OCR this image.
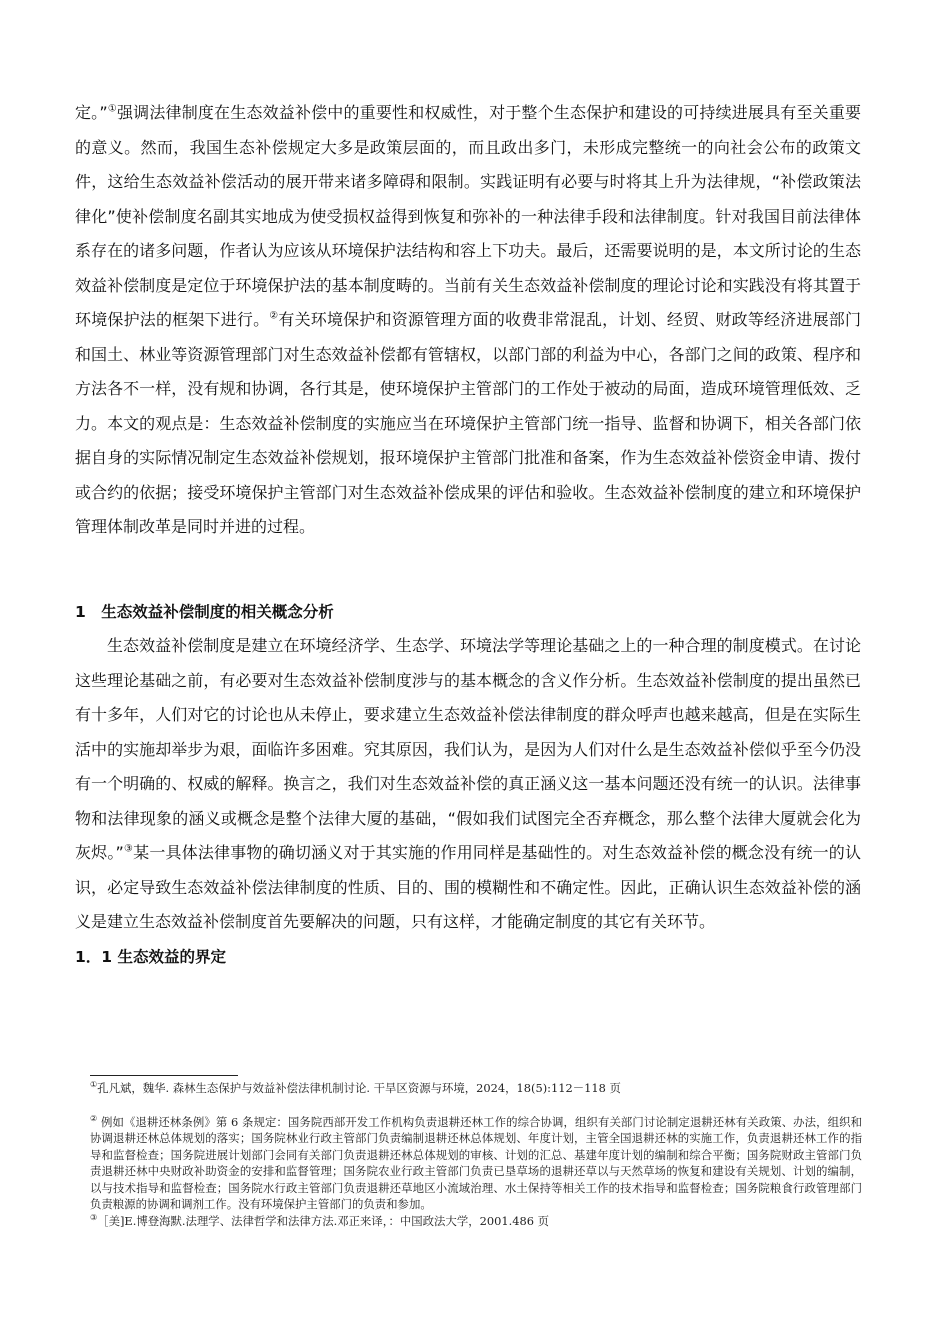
定。”①强调法律制度在生态效益补偿中的重要性和权威性，对于整个生态保护和建设的可持续进展具有至关重要的意义。然而，我国生态补偿规定大多是政策层面的，而且政出多门，未形成完整统一的向社会公布的政策文件，这给生态效益补偿活动的展开带来诸多障碍和限制。实践证明有必要与时将其上升为法律规，“补偿政策法律化”使补偿制度名副其实地成为使受损权益得到恢复和弥补的一种法律手段和法律制度。针对我国目前法律体系存在的诸多问题，作者认为应该从环境保护法结构和容上下功夫。最后，还需要说明的是，本文所讨论的生态效益补偿制度是定位于环境保护法的基本制度畴的。当前有关生态效益补偿制度的理论讨论和实践没有将其置于环境保护法的框架下进行。②有关环境保护和资源管理方面的收费非常混乱，计划、经贸、财政等经济进展部门和国土、林业等资源管理部门对生态效益补偿都有管辖权，以部门部的利益为中心，各部门之间的政策、程序和方法各不一样，没有规和协调，各行其是，使环境保护主管部门的工作处于被动的局面，造成环境管理低效、乏力。本文的观点是：生态效益补偿制度的实施应当在环境保护主管部门统一指导、监督和协调下，相关各部门依据自身的实际情况制定生态效益补偿规划，报环境保护主管部门批准和备案，作为生态效益补偿资金申请、拨付或合约的依据；接受环境保护主管部门对生态效益补偿成果的评估和验收。生态效益补偿制度的建立和环境保护管理体制改革是同时并进的过程。

1　生态效益补偿制度的相关概念分析

生态效益补偿制度是建立在环境经济学、生态学、环境法学等理论基础之上的一种合理的制度模式。在讨论这些理论基础之前，有必要对生态效益补偿制度涉与的基本概念的含义作分析。生态效益补偿制度的提出虽然已有十多年，人们对它的讨论也从未停止，要求建立生态效益补偿法律制度的群众呼声也越来越高，但是在实际生活中的实施却举步为艰，面临许多困难。究其原因，我们认为，是因为人们对什么是生态效益补偿似乎至今仍没有一个明确的、权威的解释。换言之，我们对生态效益补偿的真正涵义这一基本问题还没有统一的认识。法律事物和法律现象的涵义或概念是整个法律大厦的基础，“假如我们试图完全否弃概念，那么整个法律大厦就会化为灰烬。”③某一具体法律事物的确切涵义对于其实施的作用同样是基础性的。对生态效益补偿的概念没有统一的认识，必定导致生态效益补偿法律制度的性质、目的、围的模糊性和不确定性。因此，正确认识生态效益补偿的涵义是建立生态效益补偿制度首先要解决的问题，只有这样，才能确定制度的其它有关环节。

1．1 生态效益的界定

①孔凡斌，魏华. 森林生态保护与效益补偿法律机制讨论. 干旱区资源与环境，2024，18(5):112－118 页

② 例如《退耕还林条例》第 6 条规定：国务院西部开发工作机构负责退耕还林工作的综合协调，组织有关部门讨论制定退耕还林有关政策、办法，组织和协调退耕还林总体规划的落实；国务院林业行政主管部门负责编制退耕还林总体规划、年度计划，主管全国退耕还林的实施工作，负责退耕还林工作的指导和监督检查；国务院进展计划部门会同有关部门负责退耕还林总体规划的审核、计划的汇总、基建年度计划的编制和综合平衡；国务院财政主管部门负责退耕还林中央财政补助资金的安排和监督管理；国务院农业行政主管部门负责已垦草场的退耕还草以与天然草场的恢复和建设有关规划、计划的编制，以与技术指导和监督检查；国务院水行政主管部门负责退耕还草地区小流域治理、水土保持等相关工作的技术指导和监督检查；国务院粮食行政管理部门负责粮源的协调和调剂工作。没有环境保护主管部门的负责和参加。

③［美]E.博登海默.法理学、法律哲学和法律方法.邓正来译，：中国政法大学，2001.486 页
